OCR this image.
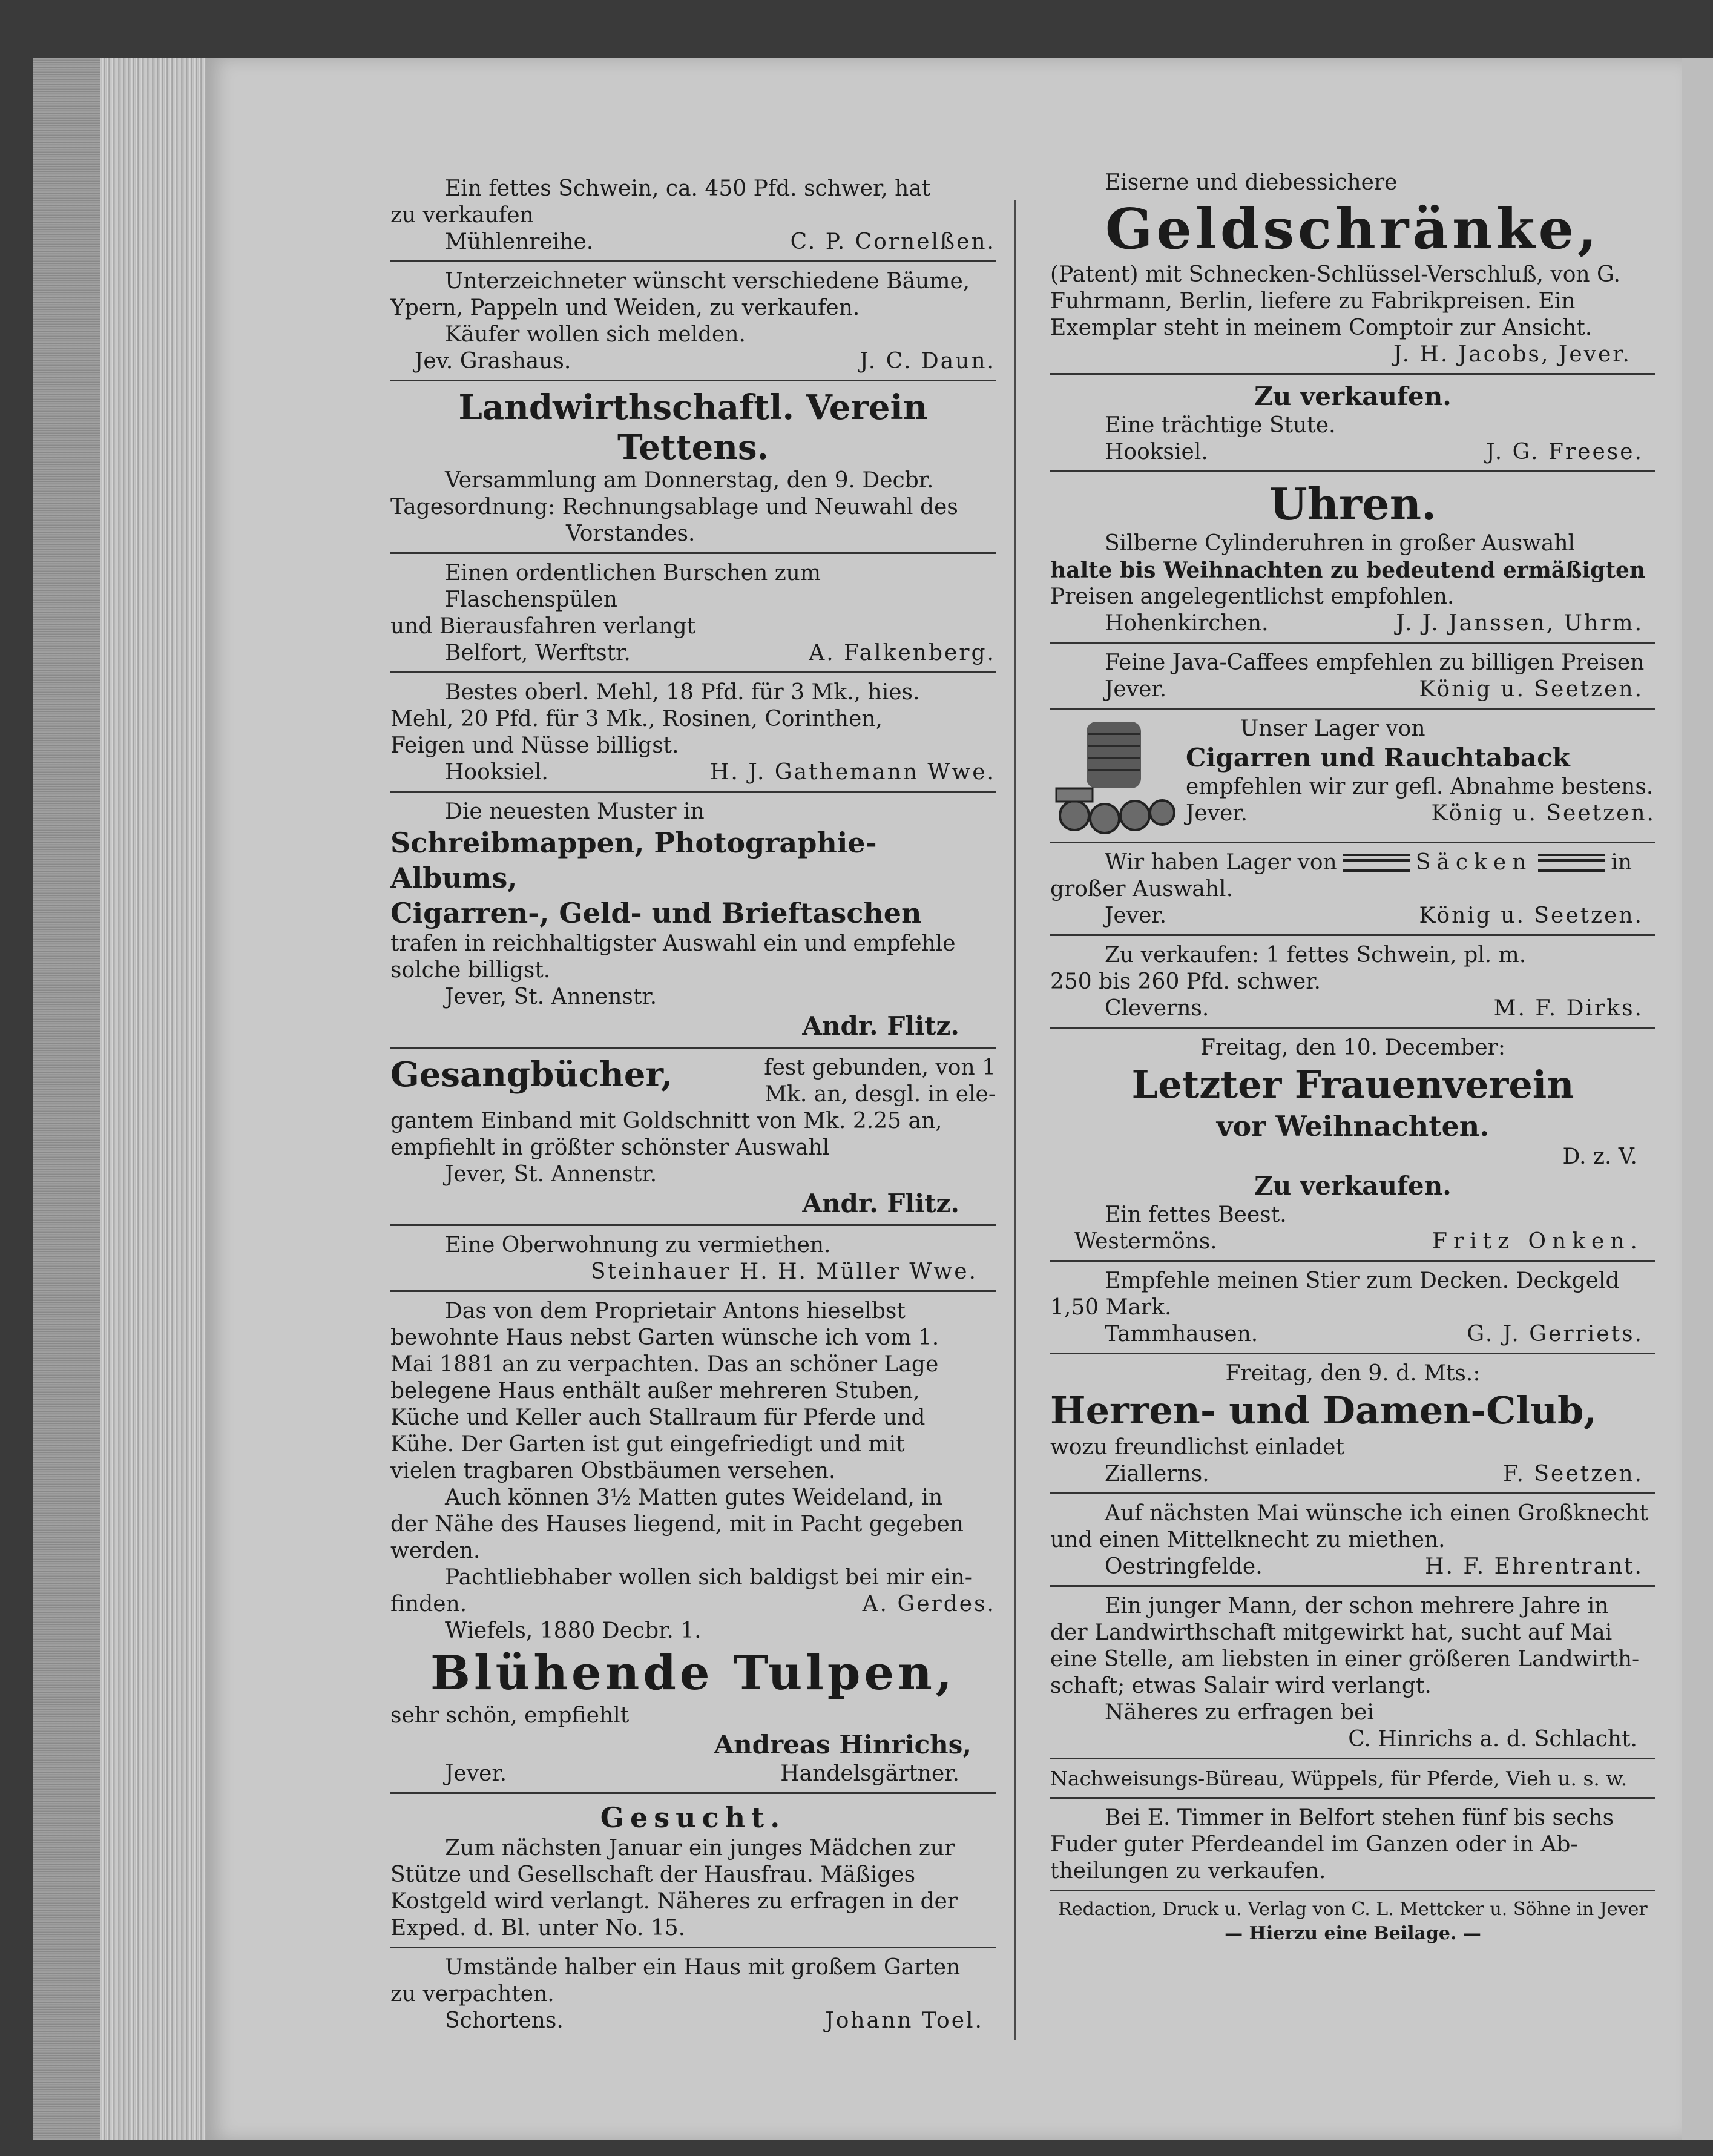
Ein fettes Schwein, ca. 450 Pfd. schwer, hat

zu verkaufen

Mühlenreihe.	C. P. Cornelßen.

Unterzeichneter wünscht verschiedene Bäume,

Ypern, Pappeln und Weiden, zu verkaufen.

Käufer wollen sich melden.

Jev. Grashaus.	J. C. Daun.

Landwirthschaftl. Verein Tettens.

Versammlung am Donnerstag, den 9. Decbr.

Tagesordnung: Rechnungsablage und Neuwahl des

Vorstandes.

Einen ordentlichen Burschen zum Flaschenspülen

und Bierausfahren verlangt

Belfort, Werftstr.	A. Falkenberg.

Bestes oberl. Mehl, 18 Pfd. für 3 Mk., hies.

Mehl, 20 Pfd. für 3 Mk., Rosinen, Corinthen,

Feigen und Nüsse billigst.

Hooksiel.	H. J. Gathemann Wwe.

Die neuesten Muster in

Schreibmappen, Photographie-Albums,

Cigarren-, Geld- und Brieftaschen

trafen in reichhaltigster Auswahl ein und empfehle

solche billigst.

Jever, St. Annenstr.

Andr. Flitz.

Gesangbücher,	fest gebunden, von 1
Mk. an, desgl. in ele-

gantem Einband mit Goldschnitt von Mk. 2.25 an,

empfiehlt in größter schönster Auswahl

Jever, St. Annenstr.

Andr. Flitz.

Eine Oberwohnung zu vermiethen.

Steinhauer H. H. Müller Wwe.

Das von dem Proprietair Antons hieselbst

bewohnte Haus nebst Garten wünsche ich vom 1.

Mai 1881 an zu verpachten. Das an schöner Lage

belegene Haus enthält außer mehreren Stuben,

Küche und Keller auch Stallraum für Pferde und

Kühe. Der Garten ist gut eingefriedigt und mit

vielen tragbaren Obstbäumen versehen.

Auch können 3½ Matten gutes Weideland, in

der Nähe des Hauses liegend, mit in Pacht gegeben

werden.

Pachtliebhaber wollen sich baldigst bei mir ein-

finden.	A. Gerdes.

Wiefels, 1880 Decbr. 1.

Blühende Tulpen,

sehr schön, empfiehlt

Andreas Hinrichs,

Jever.	Handelsgärtner.

Gesucht.

Zum nächsten Januar ein junges Mädchen zur

Stütze und Gesellschaft der Hausfrau. Mäßiges

Kostgeld wird verlangt. Näheres zu erfragen in der

Exped. d. Bl. unter No. 15.

Umstände halber ein Haus mit großem Garten

zu verpachten.

Schortens.	Johann Toel.

Eiserne und diebessichere

Geldschränke,

(Patent) mit Schnecken-Schlüssel-Verschluß, von G.

Fuhrmann, Berlin, liefere zu Fabrikpreisen. Ein

Exemplar steht in meinem Comptoir zur Ansicht.

J. H. Jacobs, Jever.

Zu verkaufen.

Eine trächtige Stute.

Hooksiel.	J. G. Freese.

Uhren.

Silberne Cylinderuhren in großer Auswahl

halte bis Weihnachten zu bedeutend ermäßigten

Preisen angelegentlichst empfohlen.

Hohenkirchen.	J. J. Janssen, Uhrm.

Feine Java-Caffees empfehlen zu billigen Preisen

Jever.	König u. Seetzen.

Unser Lager von

Cigarren und Rauchtaback

empfehlen wir zur gefl. Abnahme bestens.

Jever.	König u. Seetzen.
Wir haben Lager von	Säcken	in

großer Auswahl.

Jever.	König u. Seetzen.

Zu verkaufen: 1 fettes Schwein, pl. m.

250 bis 260 Pfd. schwer.

Cleverns.	M. F. Dirks.

Freitag, den 10. December:

Letzter Frauenverein

vor Weihnachten.

D. z. V.

Zu verkaufen.

Ein fettes Beest.

Westermöns.	Fritz Onken.

Empfehle meinen Stier zum Decken. Deckgeld

1,50 Mark.

Tammhausen.	G. J. Gerriets.

Freitag, den 9. d. Mts.:

Herren- und Damen-Club,

wozu freundlichst einladet

Ziallerns.	F. Seetzen.

Auf nächsten Mai wünsche ich einen Großknecht

und einen Mittelknecht zu miethen.

Oestringfelde.	H. F. Ehrentrant.

Ein junger Mann, der schon mehrere Jahre in

der Landwirthschaft mitgewirkt hat, sucht auf Mai

eine Stelle, am liebsten in einer größeren Landwirth-

schaft; etwas Salair wird verlangt.

Näheres zu erfragen bei

C. Hinrichs a. d. Schlacht.

Nachweisungs-Büreau, Wüppels, für Pferde, Vieh u. s. w.

Bei E. Timmer in Belfort stehen fünf bis sechs

Fuder guter Pferdeandel im Ganzen oder in Ab-

theilungen zu verkaufen.

Redaction, Druck u. Verlag von C. L. Mettcker u. Söhne in Jever

— Hierzu eine Beilage. —
